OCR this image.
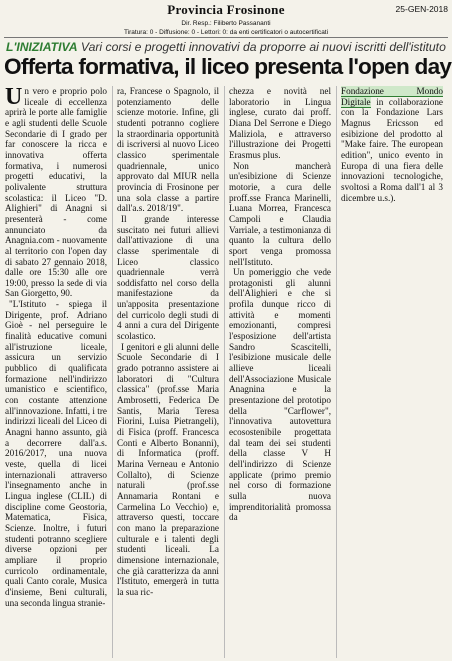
Provincia Frosinone	25-GEN-2018
Dir. Resp.: Filiberto Passananti
Tiratura: 0 - Diffusione: 0 - Lettori: 0: da enti certificatori o autocertificati
L'INIZIATIVA Vari corsi e progetti innovativi da proporre ai nuovi iscritti dell'istituto
Offerta formativa, il liceo presenta l'open day

Un vero e proprio polo liceale di eccellenza aprirà le porte alle famiglie e agli studenti delle Scuole Secondarie di I grado per far conoscere la ricca e innovativa offerta formativa, i numerosi progetti educativi, la polivalente struttura scolastica: il Liceo "D. Alighieri" di Anagni si presenterà - come annunciato da Anagnia.com - nuovamente al territorio con l'open day di sabato 27 gennaio 2018, dalle ore 15:30 alle ore 19:00, presso la sede di via San Giorgetto, 90.

"L'Istituto - spiega il Dirigente, prof. Adriano Gioè - nel perseguire le finalità educative comuni all'istruzione liceale, assicura un servizio pubblico di qualificata formazione nell'indirizzo umanistico e scientifico, con costante attenzione all'innovazione. Infatti, i tre indirizzi liceali del Liceo di Anagni hanno assunto, già a decorrere dall'a.s. 2016/2017, una nuova veste, quella di licei internazionali attraverso l'insegnamento anche in Lingua inglese (CLIL) di discipline come Geostoria, Matematica, Fisica, Scienze. Inoltre, i futuri studenti potranno scegliere diverse opzioni per ampliare il proprio curricolo ordinamentale, quali Canto corale, Musica d'insieme, Beni culturali, una seconda lingua stranie-

ra, Francese o Spagnolo, il potenziamento delle scienze motorie. Infine, gli studenti potranno cogliere la straordinaria opportunità di iscriversi al nuovo Liceo classico sperimentale quadriennale, unico approvato dal MIUR nella provincia di Frosinone per una sola classe a partire dall'a.s. 2018/19".

Il grande interesse suscitato nei futuri allievi dall'attivazione di una classe sperimentale di Liceo classico quadriennale verrà soddisfatto nel corso della manifestazione da un'apposita presentazione del curricolo degli studi di 4 anni a cura del Dirigente scolastico.

I genitori e gli alunni delle Scuole Secondarie di I grado potranno assistere ai laboratori di "Cultura classica" (prof.sse Maria Ambrosetti, Federica De Santis, Maria Teresa Fiorini, Luisa Pietrangeli), di Fisica (proff. Francesca Conti e Alberto Bonanni), di Informatica (proff. Marina Verneau e Antonio Collalto), di Scienze naturali (prof.sse Annamaria Rontani e Carmelina Lo Vecchio) e, attraverso questi, toccare con mano la preparazione culturale e i talenti degli studenti liceali. La dimensione internazionale, che già caratterizza da anni l'Istituto, emergerà in tutta la sua ric-

chezza e novità nel laboratorio in Lingua inglese, curato dai proff. Diana Del Serrone e Diego Maliziola, e attraverso l'illustrazione dei Progetti Erasmus plus.

Non mancherà un'esibizione di Scienze motorie, a cura delle proff.sse Franca Marinelli, Luana Morrea, Francesca Campoli e Claudia Varriale, a testimonianza di quanto la cultura dello sport venga promossa nell'Istituto.

Un pomeriggio che vede protagonisti gli alunni dell'Alighieri e che si profila dunque ricco di attività e momenti emozionanti, compresi l'esposizione dell'artista Sandro Scascitelli, l'esibizione musicale delle allieve liceali dell'Associazione Musicale Anagnina e la presentazione del prototipo della "Carflower", l'innovativa autovettura ecosostenibile progettata dal team dei sei studenti della classe V H dell'indirizzo di Scienze applicate (primo premio nel corso di formazione sulla nuova imprenditorialità promossa da

Fondazione Mondo Digitale in collaborazione con la Fondazione Lars Magnus Ericsson ed esibizione del prodotto al "Make faire. The european edition", unico evento in Europa di una fiera delle innovazioni tecnologiche, svoltosi a Roma dall'1 al 3 dicembre u.s.).
